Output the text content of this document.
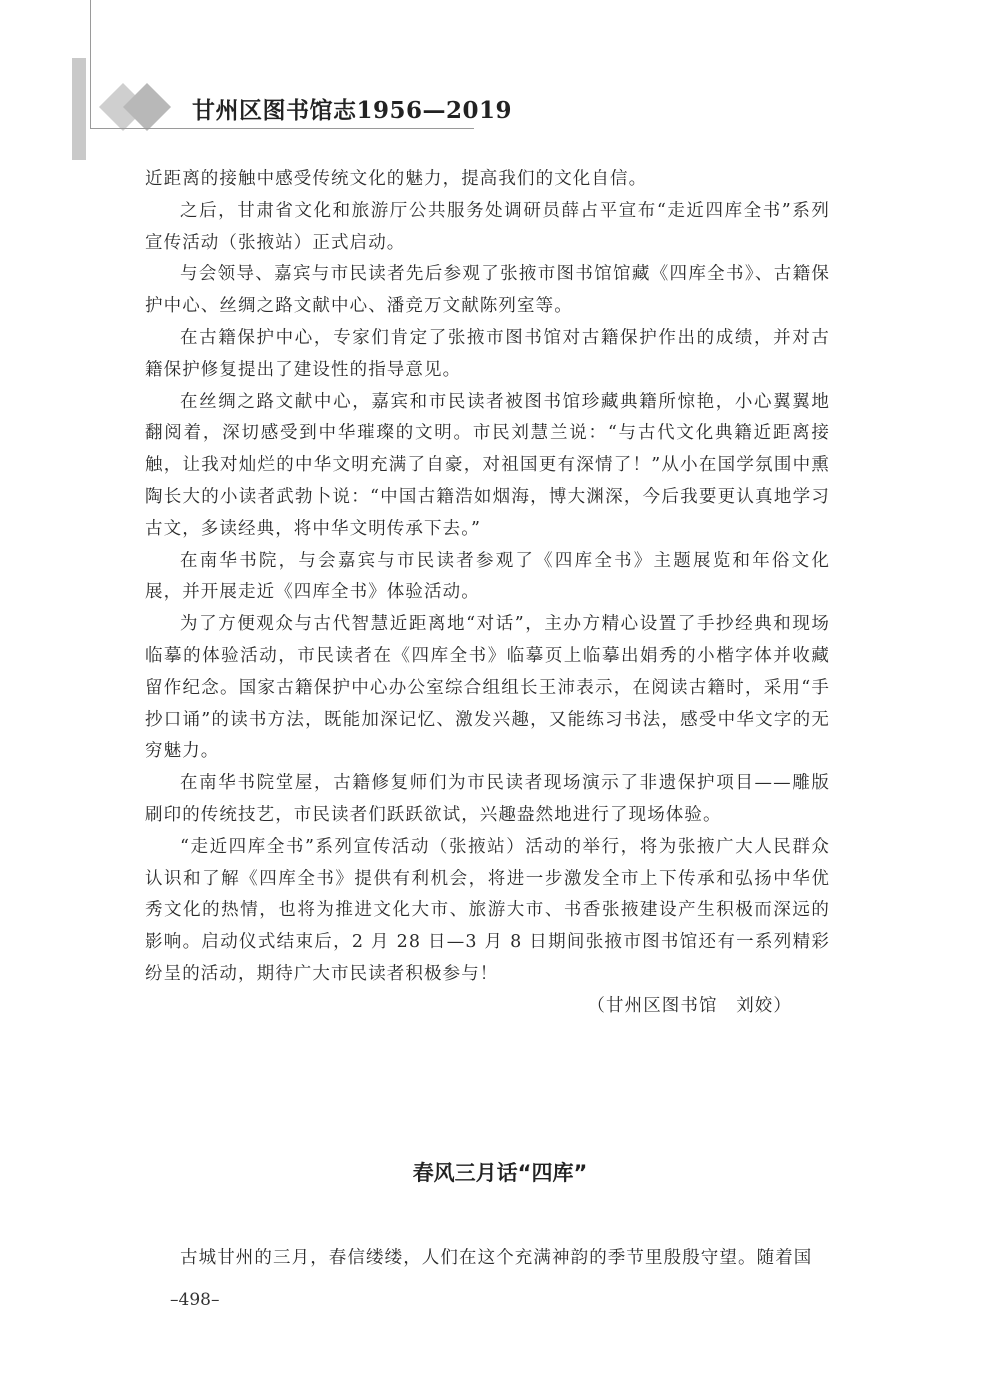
甘州区图书馆志1956—2019

近距离的接触中感受传统文化的魅力，提高我们的文化自信。

之后，甘肃省文化和旅游厅公共服务处调研员薛占平宣布“走近四库全书”系列宣传活动（张掖站）正式启动。

与会领导、嘉宾与市民读者先后参观了张掖市图书馆馆藏《四库全书》、古籍保护中心、丝绸之路文献中心、潘竞万文献陈列室等。

在古籍保护中心，专家们肯定了张掖市图书馆对古籍保护作出的成绩，并对古籍保护修复提出了建设性的指导意见。

在丝绸之路文献中心，嘉宾和市民读者被图书馆珍藏典籍所惊艳，小心翼翼地翻阅着，深切感受到中华璀璨的文明。市民刘慧兰说：“与古代文化典籍近距离接触，让我对灿烂的中华文明充满了自豪，对祖国更有深情了！”从小在国学氛围中熏陶长大的小读者武勃卜说：“中国古籍浩如烟海，博大渊深，今后我要更认真地学习古文，多读经典，将中华文明传承下去。”

在南华书院，与会嘉宾与市民读者参观了《四库全书》主题展览和年俗文化展，并开展走近《四库全书》体验活动。

为了方便观众与古代智慧近距离地“对话”，主办方精心设置了手抄经典和现场临摹的体验活动，市民读者在《四库全书》临摹页上临摹出娟秀的小楷字体并收藏留作纪念。国家古籍保护中心办公室综合组组长王沛表示，在阅读古籍时，采用“手抄口诵”的读书方法，既能加深记忆、激发兴趣，又能练习书法，感受中华文字的无穷魅力。

在南华书院堂屋，古籍修复师们为市民读者现场演示了非遗保护项目——雕版刷印的传统技艺，市民读者们跃跃欲试，兴趣盎然地进行了现场体验。

“走近四库全书”系列宣传活动（张掖站）活动的举行，将为张掖广大人民群众认识和了解《四库全书》提供有利机会，将进一步激发全市上下传承和弘扬中华优秀文化的热情，也将为推进文化大市、旅游大市、书香张掖建设产生积极而深远的影响。启动仪式结束后，2 月 28 日—3 月 8 日期间张掖市图书馆还有一系列精彩纷呈的活动，期待广大市民读者积极参与！

（甘州区图书馆　刘姣）

春风三月话“四库”

古城甘州的三月，春信缕缕，人们在这个充满神韵的季节里殷殷守望。随着国

–498–
